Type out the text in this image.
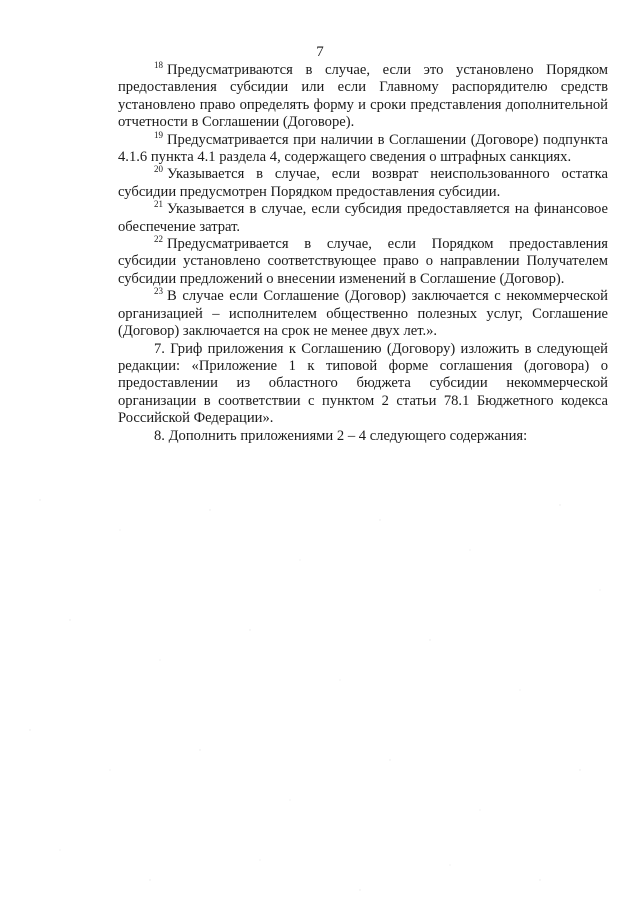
7

$^{18}$ Предусматриваются в случае, если это установлено Порядком предоставления субсидии или если Главному распорядителю средств установлено право определять форму и сроки представления дополнительной отчетности в Соглашении (Договоре).

$^{19}$ Предусматривается при наличии в Соглашении (Договоре) подпункта 4.1.6 пункта 4.1 раздела 4, содержащего сведения о штрафных санкциях.

$^{20}$ Указывается в случае, если возврат неиспользованного остатка субсидии предусмотрен Порядком предоставления субсидии.

$^{21}$ Указывается в случае, если субсидия предоставляется на финансовое обеспечение затрат.

$^{22}$ Предусматривается в случае, если Порядком предоставления субсидии установлено соответствующее право о направлении Получателем субсидии предложений о внесении изменений в Соглашение (Договор).

$^{23}$ В случае если Соглашение (Договор) заключается с некоммерческой организацией – исполнителем общественно полезных услуг, Соглашение (Договор) заключается на срок не менее двух лет.».

7. Гриф приложения к Соглашению (Договору) изложить в следующей редакции: «Приложение 1 к типовой форме соглашения (договора) о предоставлении из областного бюджета субсидии некоммерческой организации в соответствии с пунктом 2 статьи 78.1 Бюджетного кодекса Российской Федерации».

8. Дополнить приложениями 2 – 4 следующего содержания:
